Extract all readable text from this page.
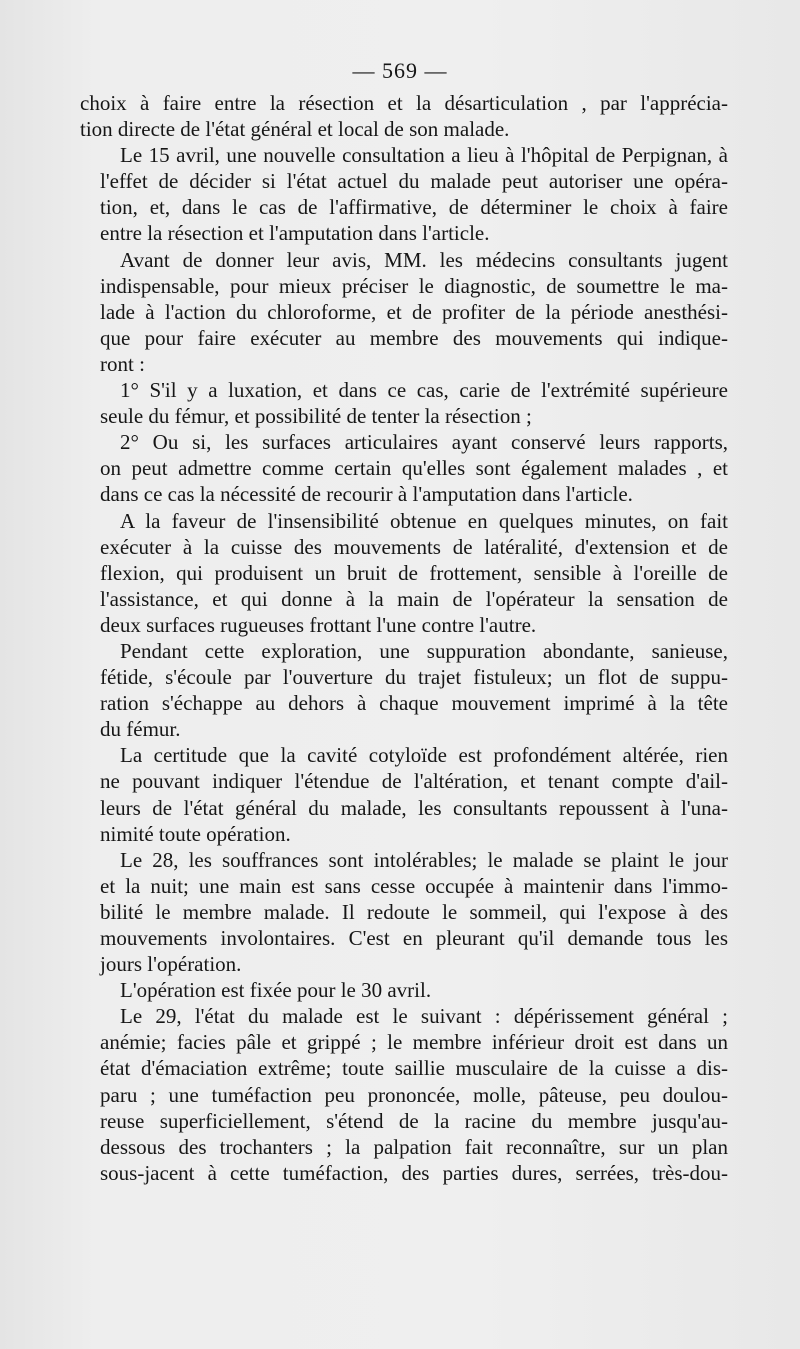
— 569 —

choix à faire entre la résection et la désarticulation , par l'apprécia-
tion directe de l'état général et local de son malade.

Le 15 avril, une nouvelle consultation a lieu à l'hôpital de Perpignan, à
l'effet de décider si l'état actuel du malade peut autoriser une opéra-
tion, et, dans le cas de l'affirmative, de déterminer le choix à faire
entre la résection et l'amputation dans l'article.

Avant de donner leur avis, MM. les médecins consultants jugent
indispensable, pour mieux préciser le diagnostic, de soumettre le ma-
lade à l'action du chloroforme, et de profiter de la période anesthési-
que pour faire exécuter au membre des mouvements qui indique-
ront :

1° S'il y a luxation, et dans ce cas, carie de l'extrémité supérieure
seule du fémur, et possibilité de tenter la résection ;

2° Ou si, les surfaces articulaires ayant conservé leurs rapports,
on peut admettre comme certain qu'elles sont également malades , et
dans ce cas la nécessité de recourir à l'amputation dans l'article.

A la faveur de l'insensibilité obtenue en quelques minutes, on fait
exécuter à la cuisse des mouvements de latéralité, d'extension et de
flexion, qui produisent un bruit de frottement, sensible à l'oreille de
l'assistance, et qui donne à la main de l'opérateur la sensation de
deux surfaces rugueuses frottant l'une contre l'autre.

Pendant cette exploration, une suppuration abondante, sanieuse,
fétide, s'écoule par l'ouverture du trajet fistuleux; un flot de suppu-
ration s'échappe au dehors à chaque mouvement imprimé à la tête
du fémur.

La certitude que la cavité cotyloïde est profondément altérée, rien
ne pouvant indiquer l'étendue de l'altération, et tenant compte d'ail-
leurs de l'état général du malade, les consultants repoussent à l'una-
nimité toute opération.

Le 28, les souffrances sont intolérables; le malade se plaint le jour
et la nuit; une main est sans cesse occupée à maintenir dans l'immo-
bilité le membre malade. Il redoute le sommeil, qui l'expose à des
mouvements involontaires. C'est en pleurant qu'il demande tous les
jours l'opération.

L'opération est fixée pour le 30 avril.

Le 29, l'état du malade est le suivant : dépérissement général ;
anémie; facies pâle et grippé ; le membre inférieur droit est dans un
état d'émaciation extrême; toute saillie musculaire de la cuisse a dis-
paru ; une tuméfaction peu prononcée, molle, pâteuse, peu doulou-
reuse superficiellement, s'étend de la racine du membre jusqu'au-
dessous des trochanters ; la palpation fait reconnaître, sur un plan
sous-jacent à cette tuméfaction, des parties dures, serrées, très-dou-
